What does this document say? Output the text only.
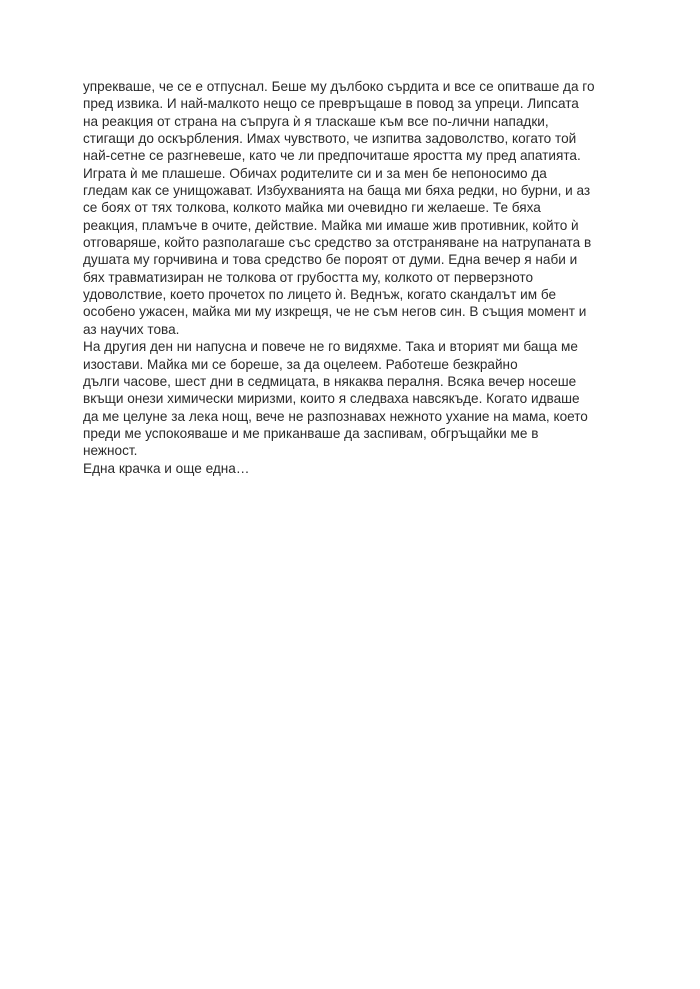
упрекваше, че се е отпуснал. Беше му дълбоко сърдита и все се опитваше да го
пред извика. И най-малкото нещо се превръщаше в повод за упреци. Липсата
на реакция от страна на съпруга ѝ я тласкаше към все по-лични нападки,
стигащи до оскърбления. Имах чувството, че изпитва задоволство, когато той
най-сетне се разгневеше, като че ли предпочиташе яростта му пред апатията.
Играта ѝ ме плашеше. Обичах родителите си и за мен бе непоносимо да
гледам как се унищожават. Избухванията на баща ми бяха редки, но бурни, и аз
се боях от тях толкова, колкото майка ми очевидно ги желаеше. Те бяха
реакция, пламъче в очите, действие. Майка ми имаше жив противник, който ѝ
отговаряше, който разполагаше със средство за отстраняване на натрупаната в
душата му горчивина и това средство бе пороят от думи. Една вечер я наби и
бях травматизиран не толкова от грубостта му, колкото от перверзното
удоволствие, което прочетох по лицето ѝ. Веднъж, когато скандалът им бе
особено ужасен, майка ми му изкрещя, че не съм негов син. В същия момент и
аз научих това.
На другия ден ни напусна и повече не го видяхме. Така и вторият ми баща ме
изостави. Майка ми се бореше, за да оцелеем. Работеше безкрайно
дълги часове, шест дни в седмицата, в някаква пералня. Всяка вечер носеше
вкъщи онези химически миризми, които я следваха навсякъде. Когато идваше
да ме целуне за лека нощ, вече не разпознавах нежното ухание на мама, което
преди ме успокояваше и ме приканваше да заспивам, обгръщайки ме в
нежност.
Една крачка и още една…
